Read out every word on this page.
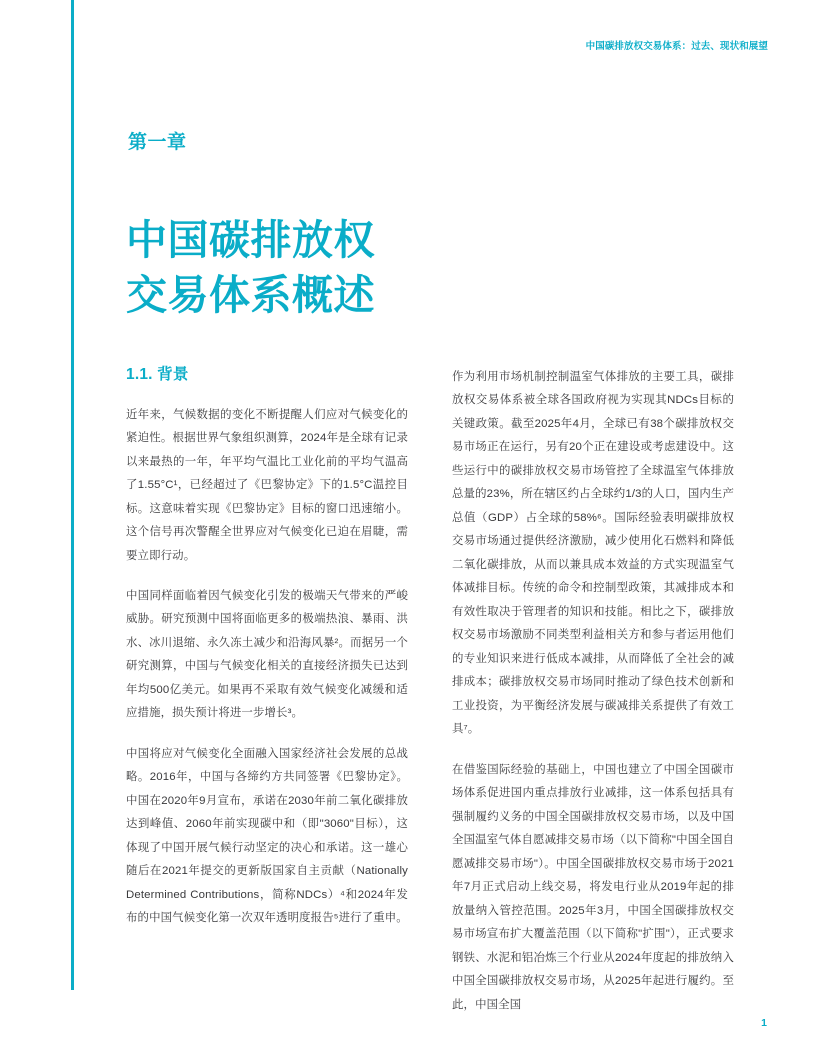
中国碳排放权交易体系：过去、现状和展望
第一章
中国碳排放权
交易体系概述
1.1. 背景

近年来，气候数据的变化不断提醒人们应对气候变化的紧迫性。根据世界气象组织测算，2024年是全球有记录以来最热的一年，年平均气温比工业化前的平均气温高了1.55°C¹，已经超过了《巴黎协定》下的1.5°C温控目标。这意味着实现《巴黎协定》目标的窗口迅速缩小。这个信号再次警醒全世界应对气候变化已迫在眉睫，需要立即行动。

中国同样面临着因气候变化引发的极端天气带来的严峻威胁。研究预测中国将面临更多的极端热浪、暴雨、洪水、冰川退缩、永久冻土减少和沿海风暴²。而据另一个研究测算，中国与气候变化相关的直接经济损失已达到年均500亿美元。如果再不采取有效气候变化减缓和适应措施，损失预计将进一步增长³。

中国将应对气候变化全面融入国家经济社会发展的总战略。2016年，中国与各缔约方共同签署《巴黎协定》。中国在2020年9月宣布，承诺在2030年前二氧化碳排放达到峰值、2060年前实现碳中和（即"3060"目标），这体现了中国开展气候行动坚定的决心和承诺。这一雄心随后在2021年提交的更新版国家自主贡献（Nationally Determined Contributions，简称NDCs）⁴和2024年发布的中国气候变化第一次双年透明度报告⁵进行了重申。

作为利用市场机制控制温室气体排放的主要工具，碳排放权交易体系被全球各国政府视为实现其NDCs目标的关键政策。截至2025年4月，全球已有38个碳排放权交易市场正在运行，另有20个正在建设或考虑建设中。这些运行中的碳排放权交易市场管控了全球温室气体排放总量的23%，所在辖区约占全球约1/3的人口，国内生产总值（GDP）占全球的58%⁶。国际经验表明碳排放权交易市场通过提供经济激励，减少使用化石燃料和降低二氧化碳排放，从而以兼具成本效益的方式实现温室气体减排目标。传统的命令和控制型政策，其减排成本和有效性取决于管理者的知识和技能。相比之下，碳排放权交易市场激励不同类型利益相关方和参与者运用他们的专业知识来进行低成本减排，从而降低了全社会的减排成本；碳排放权交易市场同时推动了绿色技术创新和工业投资，为平衡经济发展与碳减排关系提供了有效工具⁷。

在借鉴国际经验的基础上，中国也建立了中国全国碳市场体系促进国内重点排放行业减排，这一体系包括具有强制履约义务的中国全国碳排放权交易市场，以及中国全国温室气体自愿减排交易市场（以下简称"中国全国自愿减排交易市场"）。中国全国碳排放权交易市场于2021年7月正式启动上线交易，将发电行业从2019年起的排放量纳入管控范围。2025年3月，中国全国碳排放权交易市场宣布扩大覆盖范围（以下简称"扩围"），正式要求钢铁、水泥和铝冶炼三个行业从2024年度起的排放纳入中国全国碳排放权交易市场，从2025年起进行履约。至此，中国全国

1
